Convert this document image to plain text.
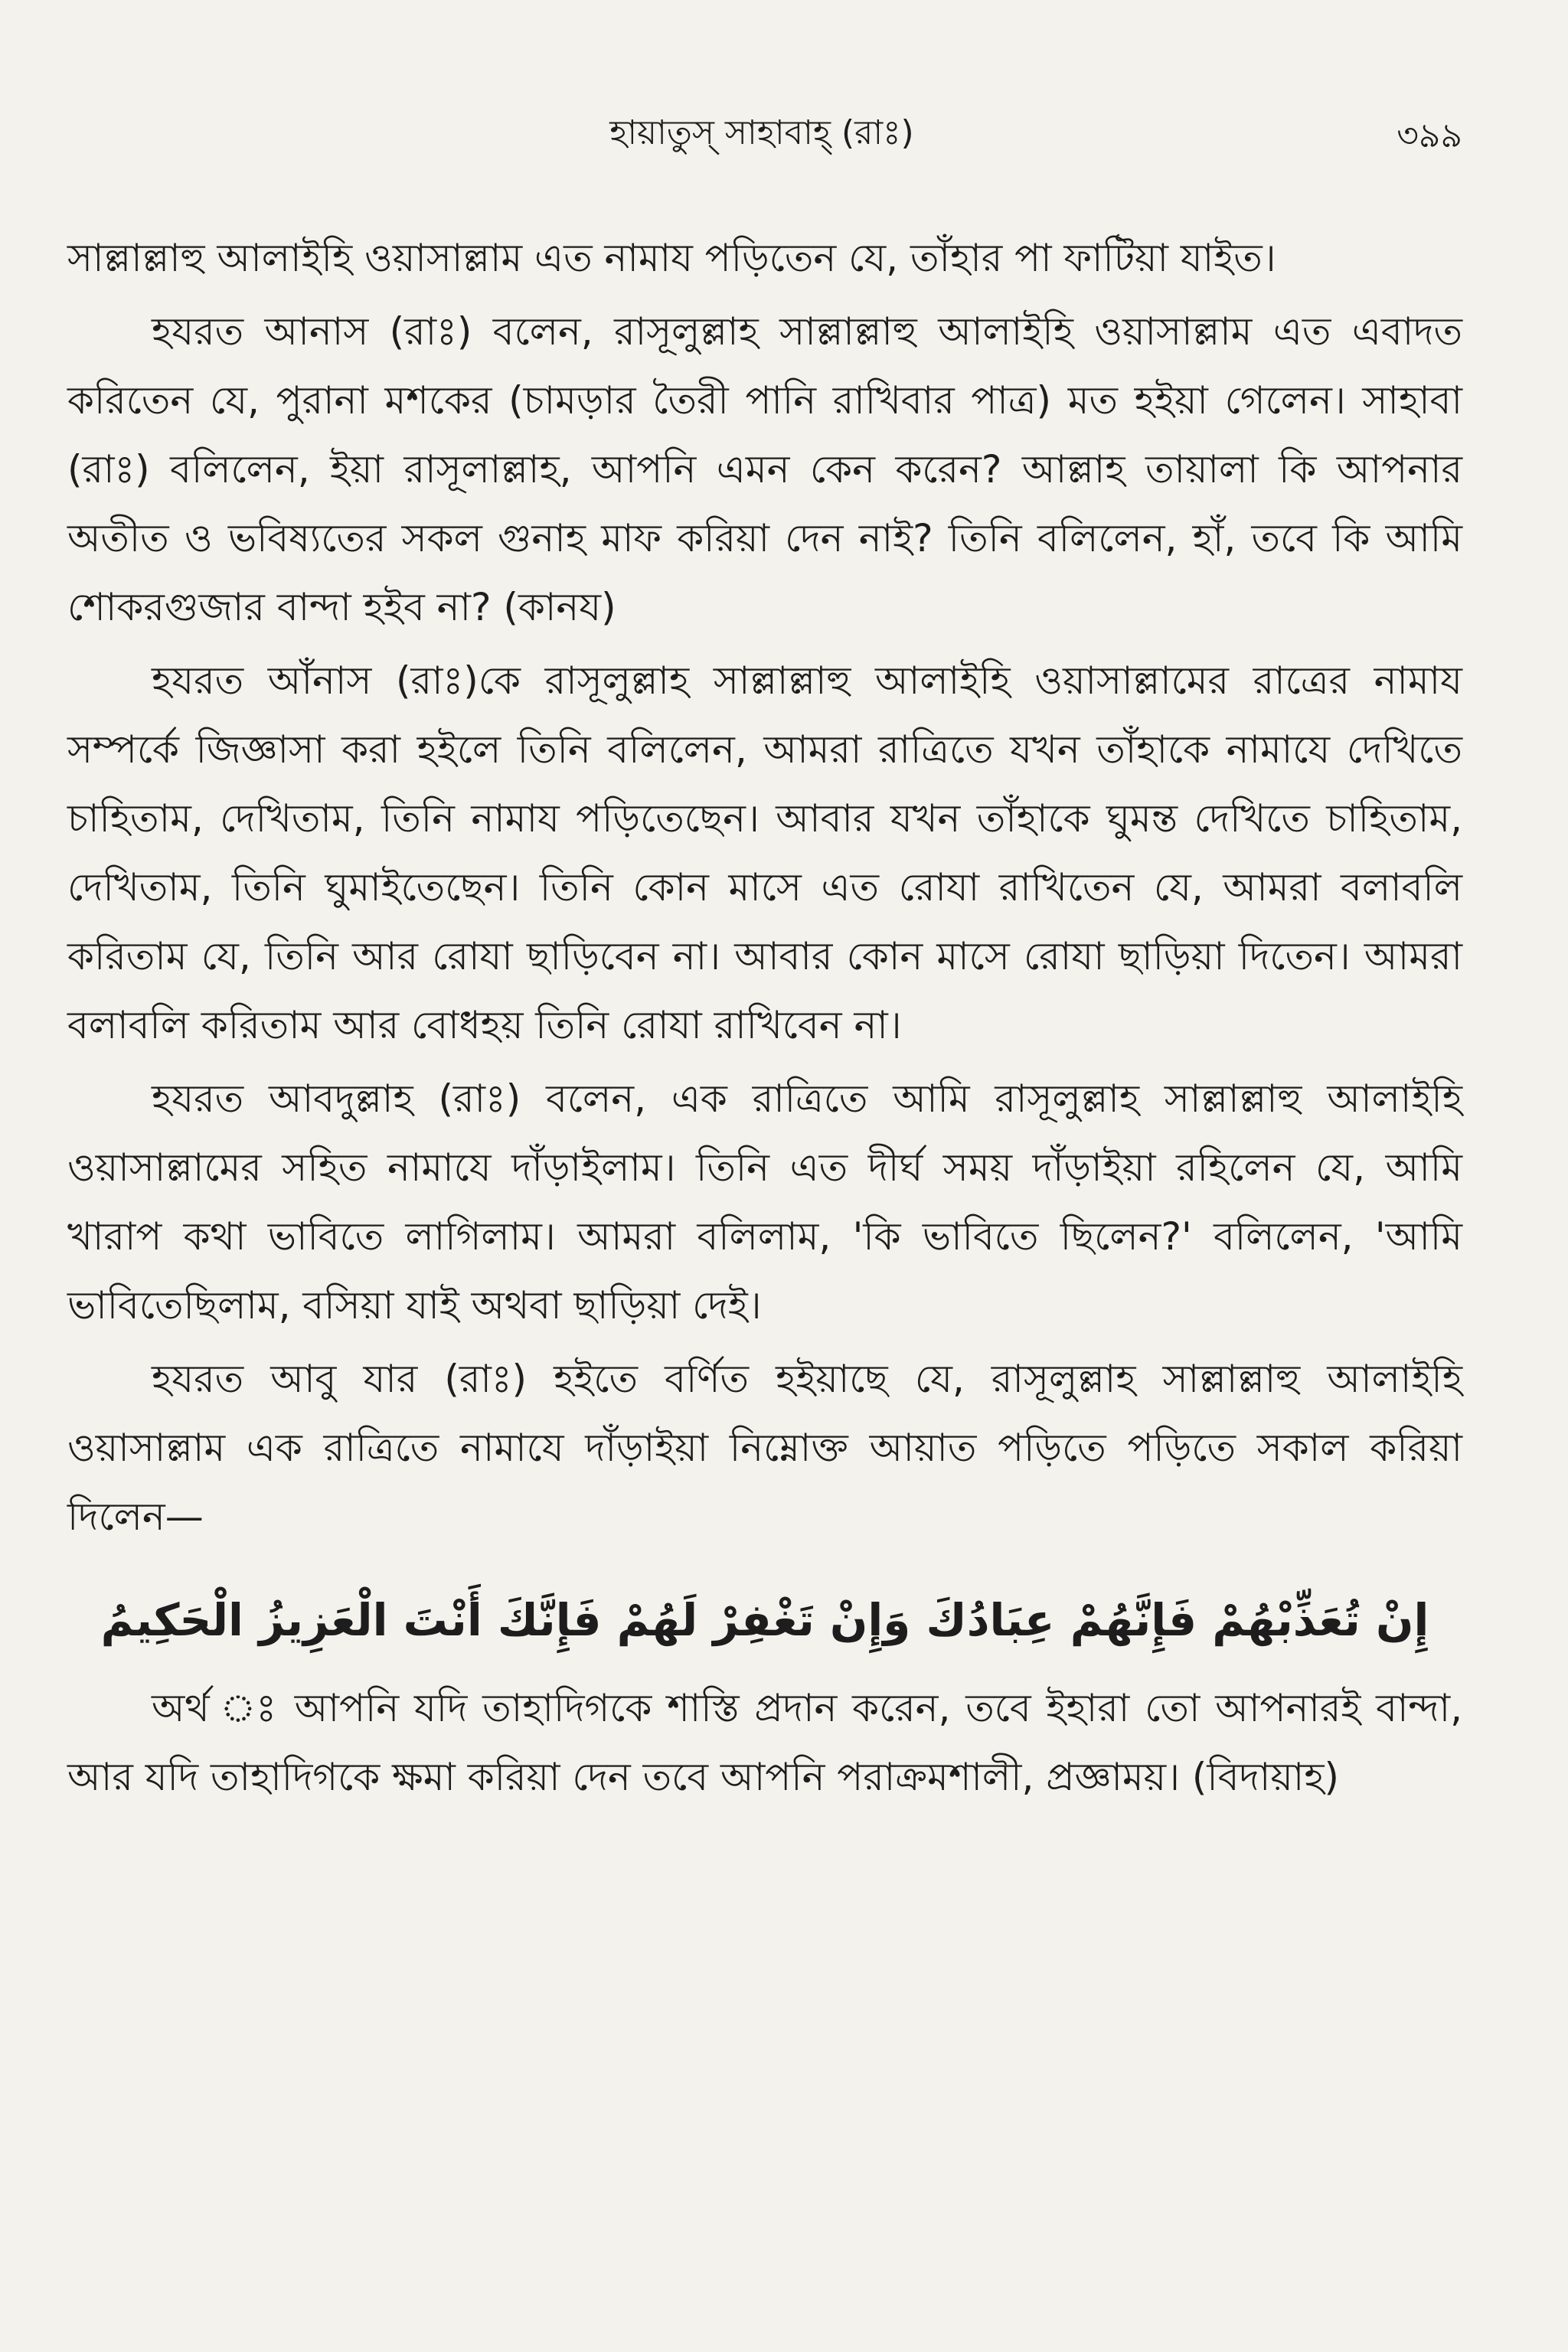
হায়াতুস্ সাহাবাহ্ (রাঃ)	৩৯৯

সাল্লাল্লাহু আলাইহি ওয়াসাল্লাম এত নামায পড়িতেন যে, তাঁহার পা ফাটিয়া যাইত।

হযরত আনাস (রাঃ) বলেন, রাসূলুল্লাহ সাল্লাল্লাহু আলাইহি ওয়াসাল্লাম এত এবাদত করিতেন যে, পুরানা মশকের (চামড়ার তৈরী পানি রাখিবার পাত্র) মত হইয়া গেলেন। সাহাবা (রাঃ) বলিলেন, ইয়া রাসূলাল্লাহ, আপনি এমন কেন করেন? আল্লাহ তায়ালা কি আপনার অতীত ও ভবিষ্যতের সকল গুনাহ মাফ করিয়া দেন নাই? তিনি বলিলেন, হাঁ, তবে কি আমি শোকরগুজার বান্দা হইব না? (কানয)

হযরত আঁনাস (রাঃ)কে রাসূলুল্লাহ সাল্লাল্লাহু আলাইহি ওয়াসাল্লামের রাত্রের নামায সম্পর্কে জিজ্ঞাসা করা হইলে তিনি বলিলেন, আমরা রাত্রিতে যখন তাঁহাকে নামাযে দেখিতে চাহিতাম, দেখিতাম, তিনি নামায পড়িতেছেন। আবার যখন তাঁহাকে ঘুমন্ত দেখিতে চাহিতাম, দেখিতাম, তিনি ঘুমাইতেছেন। তিনি কোন মাসে এত রোযা রাখিতেন যে, আমরা বলাবলি করিতাম যে, তিনি আর রোযা ছাড়িবেন না। আবার কোন মাসে রোযা ছাড়িয়া দিতেন। আমরা বলাবলি করিতাম আর বোধহয় তিনি রোযা রাখিবেন না।

হযরত আবদুল্লাহ (রাঃ) বলেন, এক রাত্রিতে আমি রাসূলুল্লাহ সাল্লাল্লাহু আলাইহি ওয়াসাল্লামের সহিত নামাযে দাঁড়াইলাম। তিনি এত দীর্ঘ সময় দাঁড়াইয়া রহিলেন যে, আমি খারাপ কথা ভাবিতে লাগিলাম। আমরা বলিলাম, 'কি ভাবিতে ছিলেন?' বলিলেন, 'আমি ভাবিতেছিলাম, বসিয়া যাই অথবা ছাড়িয়া দেই।

হযরত আবু যার (রাঃ) হইতে বর্ণিত হইয়াছে যে, রাসূলুল্লাহ সাল্লাল্লাহু আলাইহি ওয়াসাল্লাম এক রাত্রিতে নামাযে দাঁড়াইয়া নিম্নোক্ত আয়াত পড়িতে পড়িতে সকাল করিয়া দিলেন—

إِنْ تُعَذِّبْهُمْ فَإِنَّهُمْ عِبَادُكَ وَإِنْ تَغْفِرْ لَهُمْ فَإِنَّكَ أَنْتَ الْعَزِيزُ الْحَكِيمُ

অর্থ ঃ আপনি যদি তাহাদিগকে শাস্তি প্রদান করেন, তবে ইহারা তো আপনারই বান্দা, আর যদি তাহাদিগকে ক্ষমা করিয়া দেন তবে আপনি পরাক্রমশালী, প্রজ্ঞাময়। (বিদায়াহ)
